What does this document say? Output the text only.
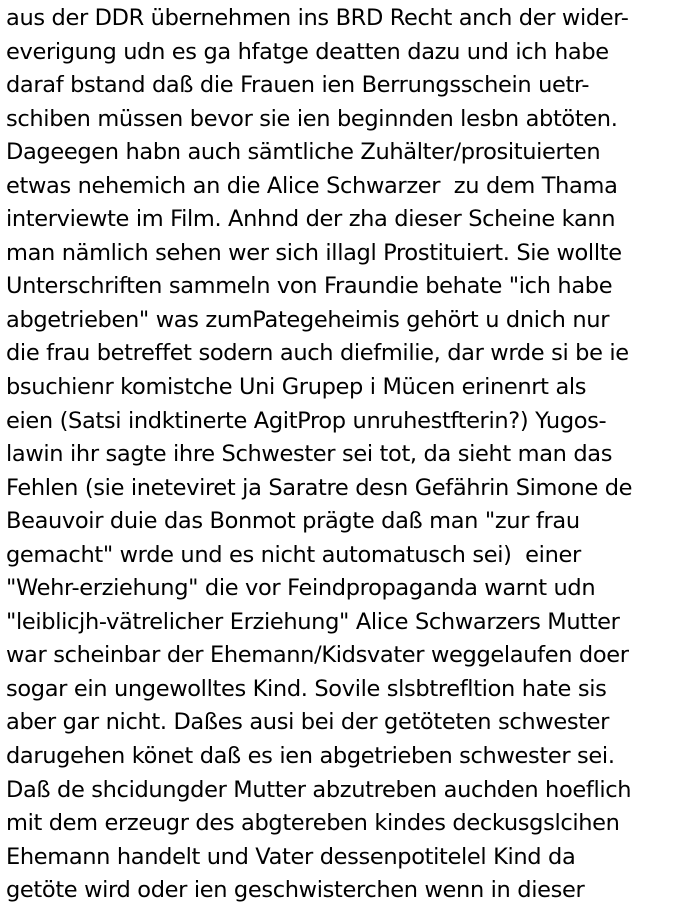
aus der DDR übernehmen ins BRD Recht anch der wider-
everigung udn es ga hfatge deatten dazu und ich habe
daraf bstand daß die Frauen ien Berrungsschein uetr-
schiben müssen bevor sie ien beginnden lesbn abtöten.
Dageegen habn auch sämtliche Zuhälter/prosituierten
etwas nehemich an die Alice Schwarzer  zu dem Thama
interviewte im Film. Anhnd der zha dieser Scheine kann
man nämlich sehen wer sich illagl Prostituiert. Sie wollte
Unterschriften sammeln von Fraundie behate "ich habe
abgetrieben" was zumPategeheimis gehört u dnich nur
die frau betreffet sodern auch diefmilie, dar wrde si be ie
bsuchienr komistche Uni Grupep i Mücen erinenrt als
eien (Satsi indktinerte AgitProp unruhestfterin?) Yugos-
lawin ihr sagte ihre Schwester sei tot, da sieht man das
Fehlen (sie ineteviret ja Saratre desn Gefährin Simone de
Beauvoir duie das Bonmot prägte daß man "zur frau
gemacht" wrde und es nicht automatusch sei)  einer
"Wehr-erziehung" die vor Feindpropaganda warnt udn
"leiblicjh-vätrelicher Erziehung" Alice Schwarzers Mutter
war scheinbar der Ehemann/Kidsvater weggelaufen doer
sogar ein ungewolltes Kind. Sovile slsbtrefltion hate sis
aber gar nicht. Daßes ausi bei der getöteten schwester
darugehen könet daß es ien abgetrieben schwester sei.
Daß de shcidungder Mutter abzutreben auchden hoeflich
mit dem erzeugr des abgtereben kindes deckusgslcihen
Ehemann handelt und Vater dessenpotitelel Kind da
getöte wird oder ien geschwisterchen wenn in dieser
